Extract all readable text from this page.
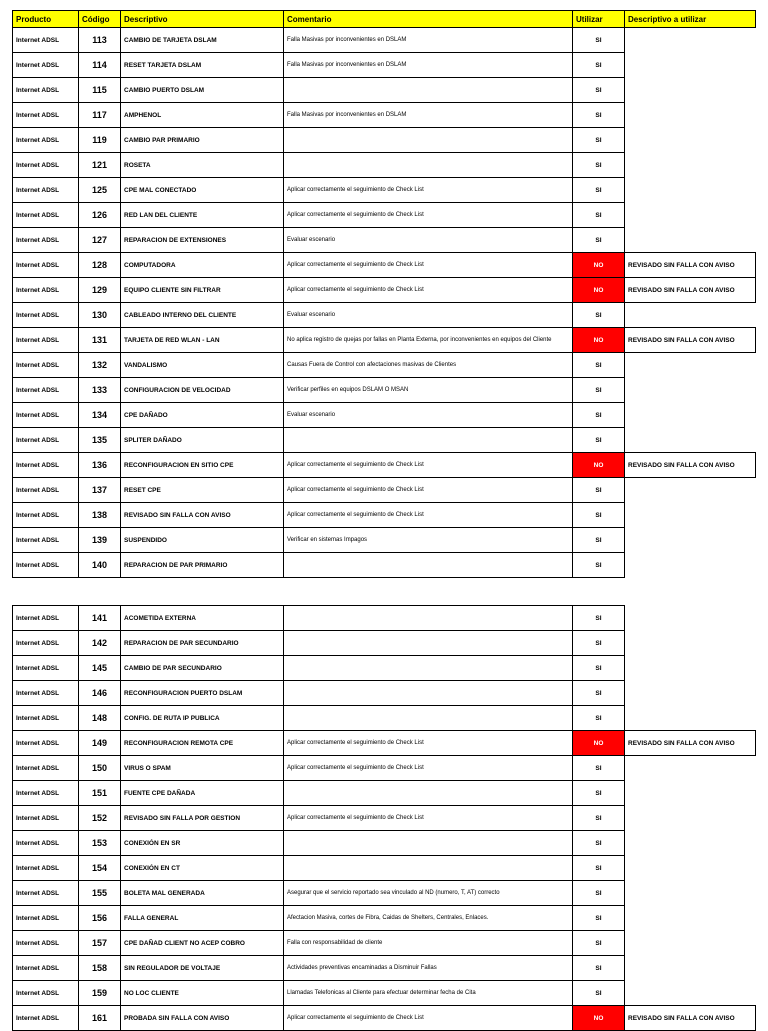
Producto	Código	Descriptivo	Comentario	Utilizar	Descriptivo a utilizar
Internet ADSL	113	CAMBIO DE TARJETA DSLAM	Falla Masivas por inconvenientes en DSLAM	SI	
Internet ADSL	114	RESET TARJETA DSLAM	Falla Masivas por inconvenientes en DSLAM	SI	
Internet ADSL	115	CAMBIO PUERTO DSLAM		SI	
Internet ADSL	117	AMPHENOL	Falla Masivas por inconvenientes en DSLAM	SI	
Internet ADSL	119	CAMBIO PAR PRIMARIO		SI	
Internet ADSL	121	ROSETA		SI	
Internet ADSL	125	CPE MAL CONECTADO	Aplicar correctamente el seguimiento de Check List	SI	
Internet ADSL	126	RED LAN DEL CLIENTE	Aplicar correctamente el seguimiento de Check List	SI	
Internet ADSL	127	REPARACION DE EXTENSIONES	Evaluar escenario	SI	
Internet ADSL	128	COMPUTADORA	Aplicar correctamente el seguimiento de Check List	NO	REVISADO SIN FALLA CON AVISO
Internet ADSL	129	EQUIPO CLIENTE SIN FILTRAR	Aplicar correctamente el seguimiento de Check List	NO	REVISADO SIN FALLA CON AVISO
Internet ADSL	130	CABLEADO INTERNO DEL CLIENTE	Evaluar escenario	SI	
Internet ADSL	131	TARJETA DE RED WLAN - LAN	No aplica registro de quejas por fallas en Planta Externa, por inconvenientes en equipos del Cliente	NO	REVISADO SIN FALLA CON AVISO
Internet ADSL	132	VANDALISMO	Causas Fuera de Control con afectaciones masivas de Clientes	SI	
Internet ADSL	133	CONFIGURACION DE VELOCIDAD	Verificar perfiles en equipos DSLAM O MSAN	SI	
Internet ADSL	134	CPE DAÑADO	Evaluar escenario	SI	
Internet ADSL	135	SPLITER DAÑADO		SI	
Internet ADSL	136	RECONFIGURACION EN SITIO CPE	Aplicar correctamente el seguimiento de Check List	NO	REVISADO SIN FALLA CON AVISO
Internet ADSL	137	RESET CPE	Aplicar correctamente el seguimiento de Check List	SI	
Internet ADSL	138	REVISADO SIN FALLA CON AVISO	Aplicar correctamente el seguimiento de Check List	SI	
Internet ADSL	139	SUSPENDIDO	Verificar en sistemas Impagos	SI	
Internet ADSL	140	REPARACION DE PAR PRIMARIO		SI	
Internet ADSL	141	ACOMETIDA EXTERNA		SI	
Internet ADSL	142	REPARACION DE PAR SECUNDARIO		SI	
Internet ADSL	145	CAMBIO DE PAR SECUNDARIO		SI	
Internet ADSL	146	RECONFIGURACION PUERTO DSLAM		SI	
Internet ADSL	148	CONFIG. DE RUTA IP PUBLICA		SI	
Internet ADSL	149	RECONFIGURACION REMOTA CPE	Aplicar correctamente el seguimiento de Check List	NO	REVISADO SIN FALLA CON AVISO
Internet ADSL	150	VIRUS O SPAM	Aplicar correctamente el seguimiento de Check List	SI	
Internet ADSL	151	FUENTE CPE DAÑADA		SI	
Internet ADSL	152	REVISADO SIN FALLA POR GESTION	Aplicar correctamente el seguimiento de Check List	SI	
Internet ADSL	153	CONEXIÓN EN SR		SI	
Internet ADSL	154	CONEXIÓN EN CT		SI	
Internet ADSL	155	BOLETA MAL GENERADA	Asegurar que el servicio reportado sea vinculado al ND (numero, T, AT) correcto	SI	
Internet ADSL	156	FALLA GENERAL	Afectacion Masiva, cortes de Fibra, Caidas de Shelters, Centrales, Enlaces.	SI	
Internet ADSL	157	CPE DAÑAD CLIENT NO ACEP COBRO	Falla con responsabilidad de cliente	SI	
Internet ADSL	158	SIN REGULADOR DE VOLTAJE	Actividades preventivas encaminadas a Disminuir Fallas	SI	
Internet ADSL	159	NO LOC CLIENTE	Llamadas Telefonicas al Cliente para efectuar determinar fecha de Cita	SI	
Internet ADSL	161	PROBADA SIN FALLA CON AVISO	Aplicar correctamente el seguimiento de Check List	NO	REVISADO SIN FALLA CON AVISO
